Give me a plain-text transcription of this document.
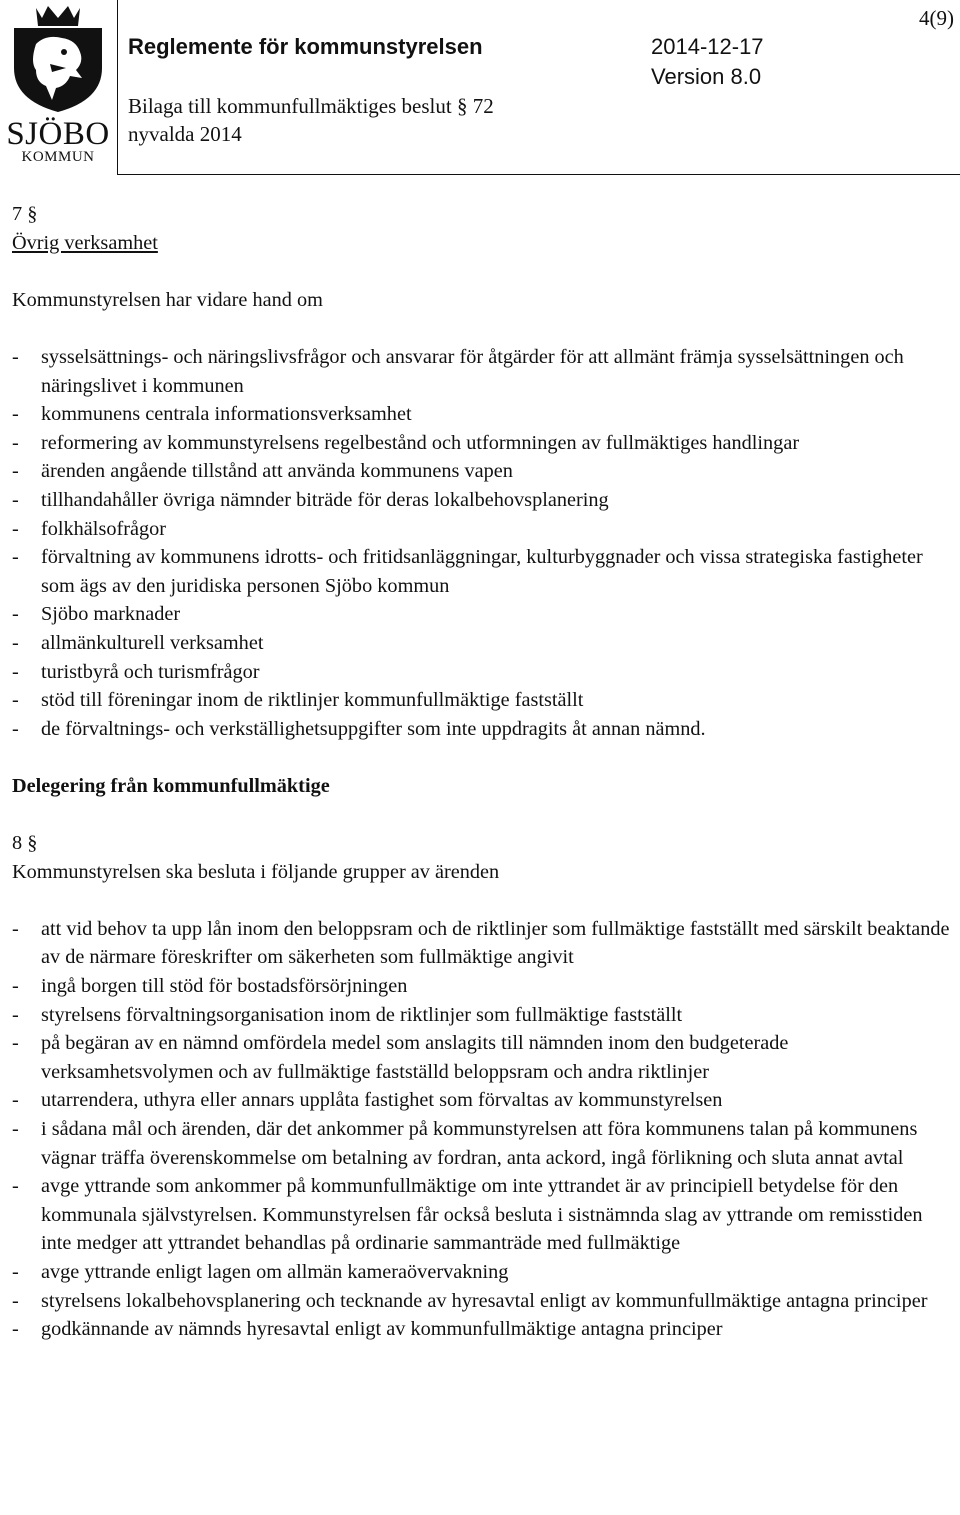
SJÖBO
KOMMUN
Reglemente för kommunstyrelsen	2014-12-17
Version 8.0
4(9)
Bilaga till kommunfullmäktiges beslut § 72
nyvalda 2014

7 §

Övrig verksamhet

Kommunstyrelsen har vidare hand om

- sysselsättnings- och näringslivsfrågor och ansvarar för åtgärder för att allmänt främja sysselsättningen och näringslivet i kommunen
- kommunens centrala informationsverksamhet
- reformering av kommunstyrelsens regelbestånd och utformningen av fullmäktiges handlingar
- ärenden angående tillstånd att använda kommunens vapen
- tillhandahåller övriga nämnder biträde för deras lokalbehovsplanering
- folkhälsofrågor
- förvaltning av kommunens idrotts- och fritidsanläggningar, kulturbyggnader och vissa strategiska fastigheter som ägs av den juridiska personen Sjöbo kommun
- Sjöbo marknader
- allmänkulturell verksamhet
- turistbyrå och turismfrågor
- stöd till föreningar inom de riktlinjer kommunfullmäktige fastställt
- de förvaltnings- och verkställighetsuppgifter som inte uppdragits åt annan nämnd.

Delegering från kommunfullmäktige

8 §

Kommunstyrelsen ska besluta i följande grupper av ärenden

- att vid behov ta upp lån inom den beloppsram och de riktlinjer som fullmäktige fastställt med särskilt beaktande av de närmare föreskrifter om säkerheten som fullmäktige angivit
- ingå borgen till stöd för bostadsförsörjningen
- styrelsens förvaltningsorganisation inom de riktlinjer som fullmäktige fastställt
- på begäran av en nämnd omfördela medel som anslagits till nämnden inom den budgeterade verksamhetsvolymen och av fullmäktige fastställd beloppsram och andra riktlinjer
- utarrendera, uthyra eller annars upplåta fastighet som förvaltas av kommunstyrelsen
- i sådana mål och ärenden, där det ankommer på kommunstyrelsen att föra kommunens talan på kommunens vägnar träffa överenskommelse om betalning av fordran, anta ackord, ingå förlikning och sluta annat avtal
- avge yttrande som ankommer på kommunfullmäktige om inte yttrandet är av principiell betydelse för den kommunala självstyrelsen. Kommunstyrelsen får också besluta i sistnämnda slag av yttrande om remisstiden inte medger att yttrandet behandlas på ordinarie sammanträde med fullmäktige
- avge yttrande enligt lagen om allmän kameraövervakning
- styrelsens lokalbehovsplanering och tecknande av hyresavtal enligt av kommunfullmäktige antagna principer
- godkännande av nämnds hyresavtal enligt av kommunfullmäktige antagna principer
